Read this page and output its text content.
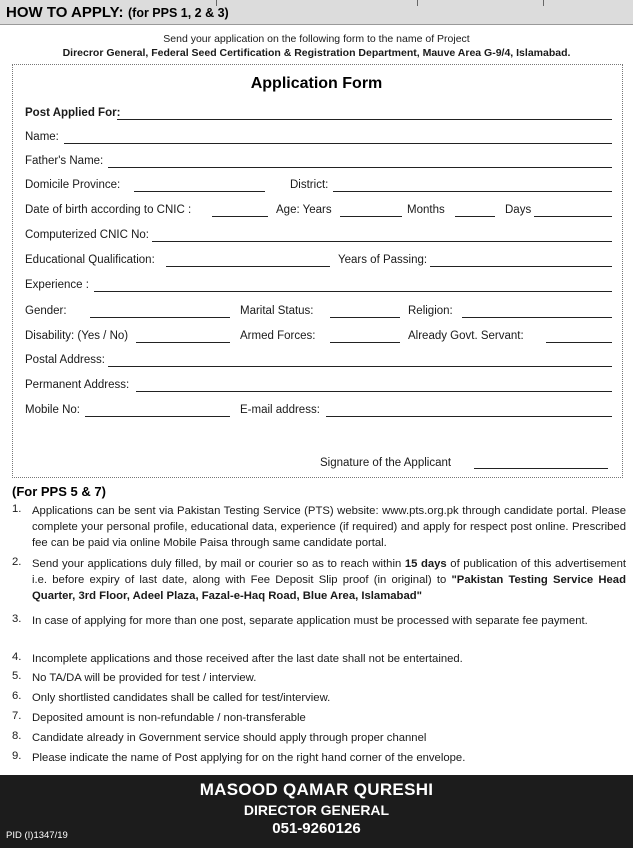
HOW TO APPLY: (for PPS 1, 2 & 3)
Send your application on the following form to the name of Project
Direcror General, Federal Seed Certification & Registration Department, Mauve Area G-9/4, Islamabad.
Application Form
Post Applied For:
Name:
Father's Name:
Domicile Province:	District:
Date of birth according to CNIC :	Age: Years	Months	Days
Computerized CNIC No:
Educational Qualification:	Years of Passing:
Experience :
Gender:	Marital Status:	Religion:
Disability: (Yes / No)	Armed Forces:	Already Govt. Servant:
Postal Address:
Permanent Address:
Mobile No:	E-mail address:
Signature of the Applicant
(For PPS 5 & 7)
1. Applications can be sent via Pakistan Testing Service (PTS) website: www.pts.org.pk through candidate portal. Please complete your personal profile, educational data, experience (if required) and apply for respect post online. Prescribed fee can be paid via online Mobile Paisa through same candidate portal.
2. Send your applications duly filled, by mail or courier so as to reach within 15 days of publication of this advertisement i.e. before expiry of last date, along with Fee Deposit Slip proof (in original) to "Pakistan Testing Service Head Quarter, 3rd Floor, Adeel Plaza, Fazal-e-Haq Road, Blue Area, Islamabad"
3. In case of applying for more than one post, separate application must be processed with separate fee payment.
4. Incomplete applications and those received after the last date shall not be entertained.
5. No TA/DA will be provided for test / interview.
6. Only shortlisted candidates shall be called for test/interview.
7. Deposited amount is non-refundable / non-transferable
8. Candidate already in Government service should apply through proper channel
9. Please indicate the name of Post applying for on the right hand corner of the envelope.
MASOOD QAMAR QURESHI
DIRECTOR GENERAL
051-9260126
PID (I)1347/19
